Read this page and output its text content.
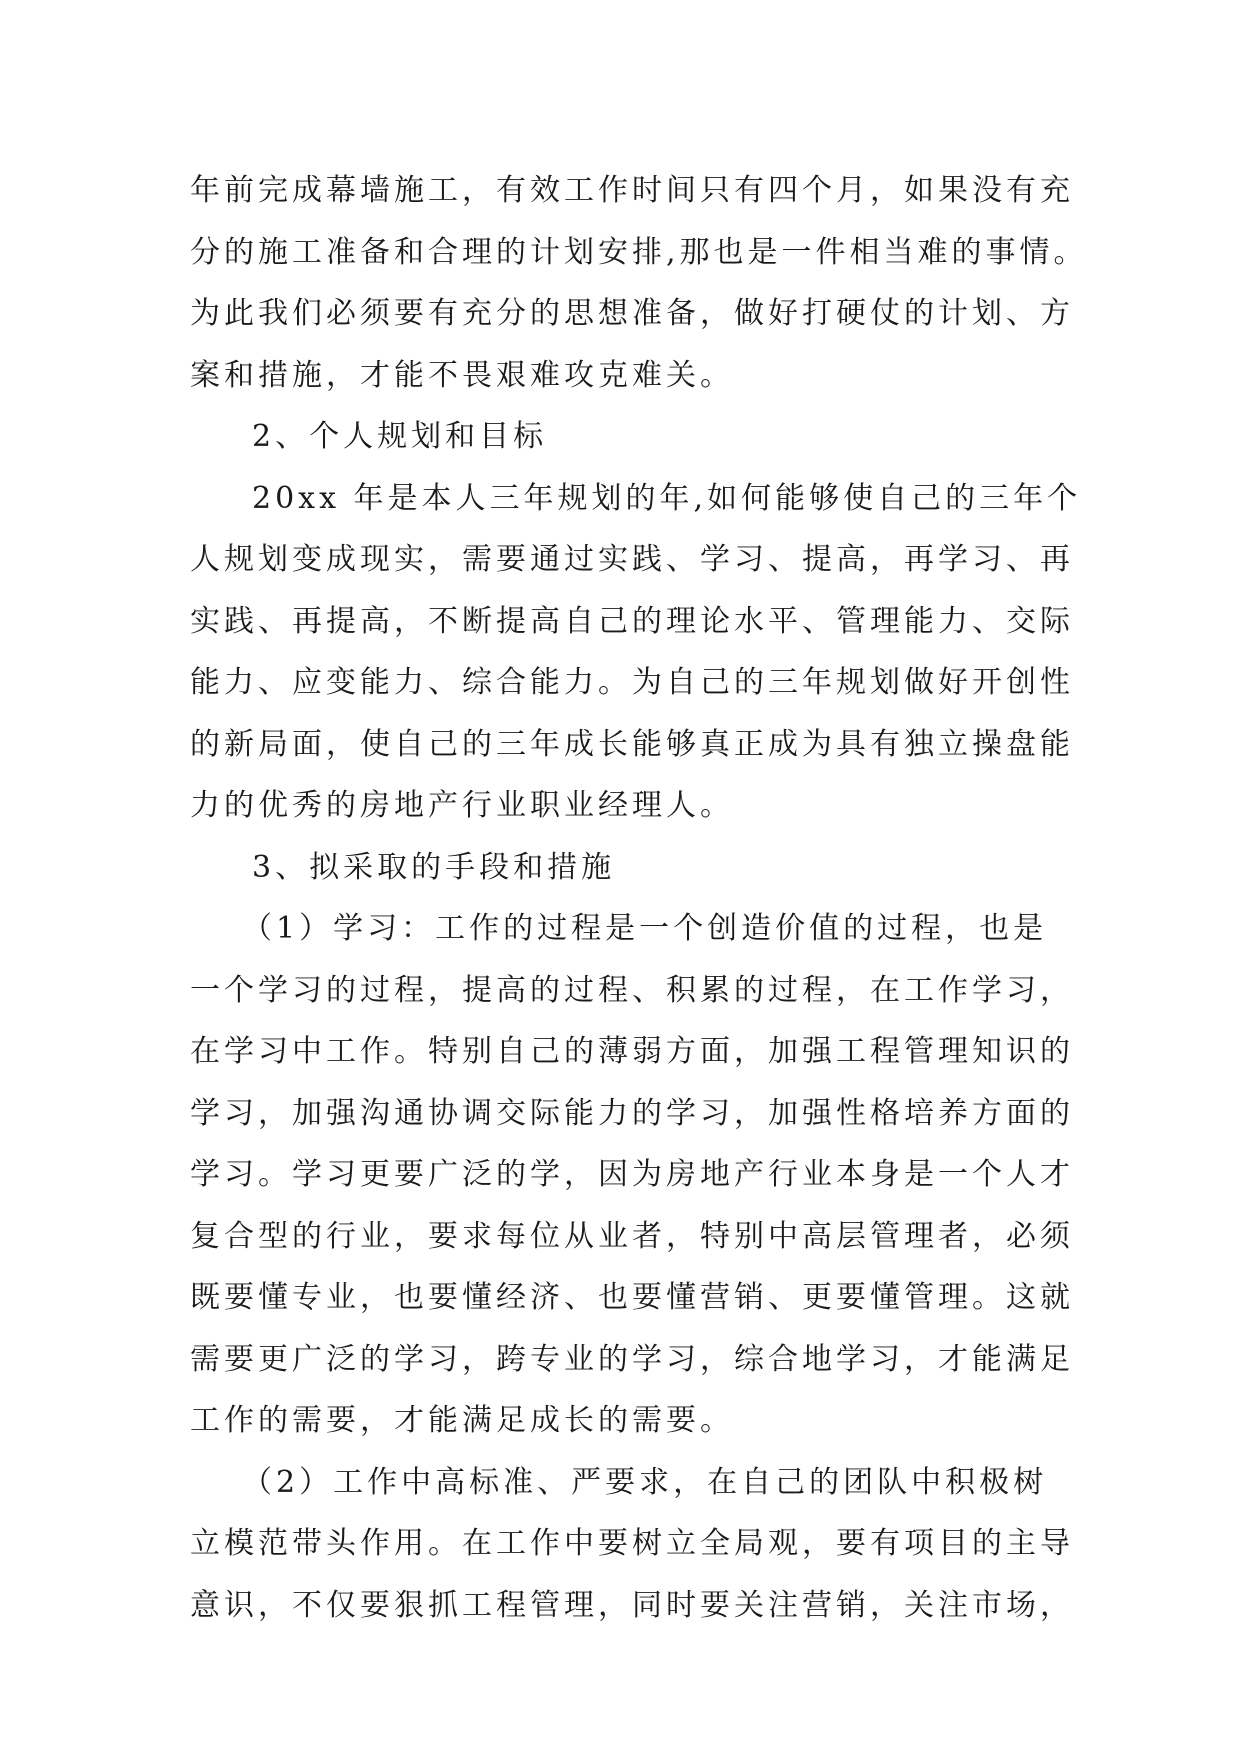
年前完成幕墙施工，有效工作时间只有四个月，如果没有充
分的施工准备和合理的计划安排,那也是一件相当难的事情。
为此我们必须要有充分的思想准备，做好打硬仗的计划、方
案和措施，才能不畏艰难攻克难关。
2、个人规划和目标
20xx 年是本人三年规划的年,如何能够使自己的三年个
人规划变成现实，需要通过实践、学习、提高，再学习、再
实践、再提高，不断提高自己的理论水平、管理能力、交际
能力、应变能力、综合能力。为自己的三年规划做好开创性
的新局面，使自己的三年成长能够真正成为具有独立操盘能
力的优秀的房地产行业职业经理人。
3、拟采取的手段和措施
（1）学习：工作的过程是一个创造价值的过程，也是
一个学习的过程，提高的过程、积累的过程，在工作学习，
在学习中工作。特别自己的薄弱方面，加强工程管理知识的
学习，加强沟通协调交际能力的学习，加强性格培养方面的
学习。学习更要广泛的学，因为房地产行业本身是一个人才
复合型的行业，要求每位从业者，特别中高层管理者，必须
既要懂专业，也要懂经济、也要懂营销、更要懂管理。这就
需要更广泛的学习，跨专业的学习，综合地学习，才能满足
工作的需要，才能满足成长的需要。
（2）工作中高标准、严要求，在自己的团队中积极树
立模范带头作用。在工作中要树立全局观，要有项目的主导
意识，不仅要狠抓工程管理，同时要关注营销，关注市场，
